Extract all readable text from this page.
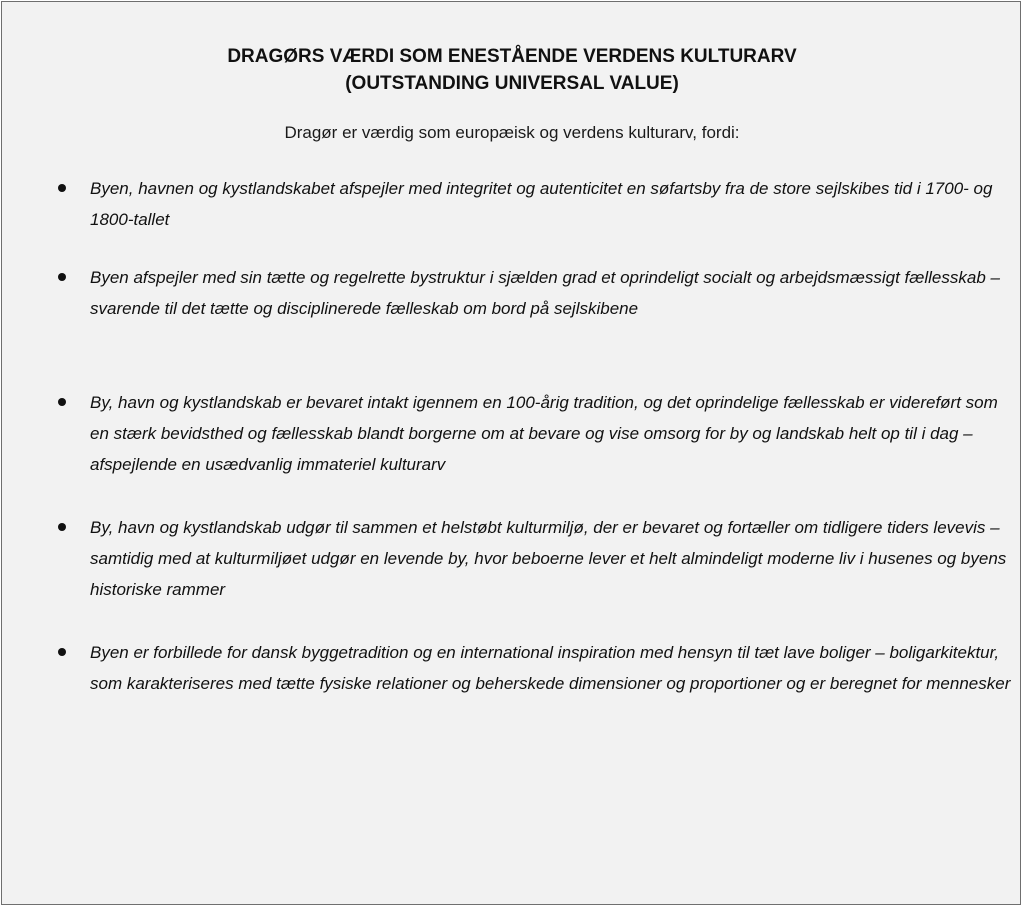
DRAGØRS VÆRDI SOM ENESTÅENDE VERDENS KULTURARV
(OUTSTANDING UNIVERSAL VALUE)
Dragør er værdig som europæisk og verdens kulturarv, fordi:
Byen, havnen og kystlandskabet afspejler med integritet og autenticitet en søfartsby fra de store sejlskibes tid i 1700- og 1800-tallet
Byen afspejler med sin tætte og regelrette bystruktur i sjælden grad et oprindeligt socialt og arbejdsmæssigt fællesskab – svarende til det tætte og disciplinerede fælleskab om bord på sejlskibene
By, havn og kystlandskab er bevaret intakt igennem en 100-årig tradition, og det oprindelige fællesskab er videreført som en stærk bevidsthed og fællesskab blandt borgerne om at bevare og vise omsorg for by og landskab helt op til i dag – afspejlende en usædvanlig immateriel kulturarv
By, havn og kystlandskab udgør til sammen et helstøbt kulturmiljø, der er bevaret og fortæller om tidligere tiders levevis – samtidig med at kulturmiljøet udgør en levende by, hvor beboerne lever et helt almindeligt moderne liv i husenes og byens historiske rammer
Byen er forbillede for dansk byggetradition og en international inspiration med hensyn til tæt lave boliger – boligarkitektur, som karakteriseres med tætte fysiske relationer og beherskede dimensioner og proportioner og er beregnet for mennesker
